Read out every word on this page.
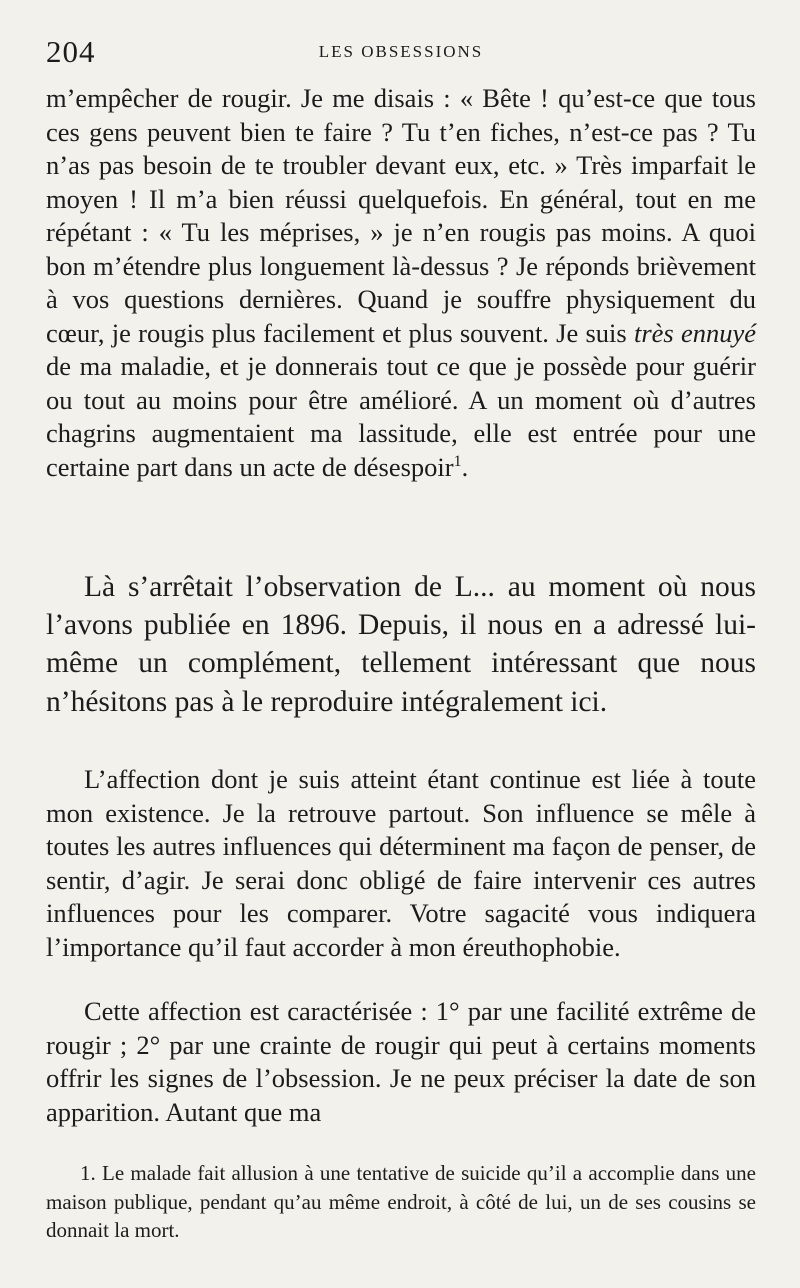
204	LES OBSESSIONS

m’empêcher de rougir. Je me disais : « Bête ! qu’est-ce que tous ces gens peuvent bien te faire ? Tu t’en fiches, n’est-ce pas ? Tu n’as pas besoin de te troubler devant eux, etc. » Très imparfait le moyen ! Il m’a bien réussi quelquefois. En général, tout en me répétant : « Tu les méprises, » je n’en rougis pas moins. A quoi bon m’étendre plus longuement là-dessus ? Je réponds brièvement à vos questions dernières. Quand je souffre physiquement du cœur, je rougis plus facilement et plus souvent. Je suis très ennuyé de ma maladie, et je donnerais tout ce que je possède pour guérir ou tout au moins pour être amélioré. A un moment où d’autres chagrins augmentaient ma lassitude, elle est entrée pour une certaine part dans un acte de désespoir$^1$.

Là s’arrêtait l’observation de L... au moment où nous l’avons publiée en 1896. Depuis, il nous en a adressé lui-même un complément, tellement intéressant que nous n’hésitons pas à le reproduire intégralement ici.

L’affection dont je suis atteint étant continue est liée à toute mon existence. Je la retrouve partout. Son influence se mêle à toutes les autres influences qui déterminent ma façon de penser, de sentir, d’agir. Je serai donc obligé de faire intervenir ces autres influences pour les comparer. Votre sagacité vous indiquera l’importance qu’il faut accorder à mon éreuthophobie.

Cette affection est caractérisée : 1° par une facilité extrême de rougir ; 2° par une crainte de rougir qui peut à certains moments offrir les signes de l’obsession. Je ne peux préciser la date de son apparition. Autant que ma

1. Le malade fait allusion à une tentative de suicide qu’il a accomplie dans une maison publique, pendant qu’au même endroit, à côté de lui, un de ses cousins se donnait la mort.
